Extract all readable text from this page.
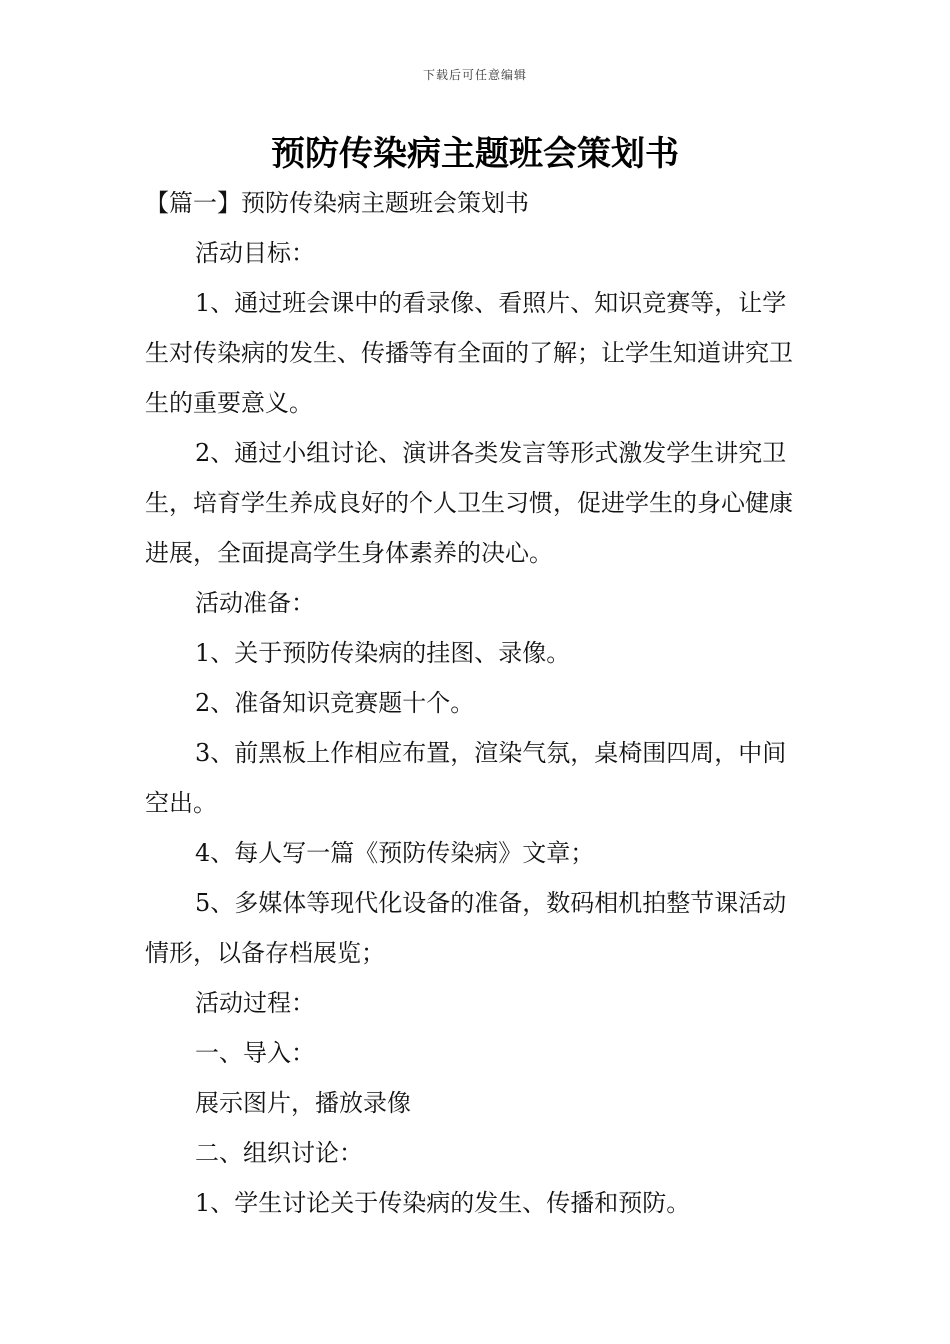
下载后可任意编辑
预防传染病主题班会策划书

【篇一】预防传染病主题班会策划书

活动目标：

1、通过班会课中的看录像、看照片、知识竞赛等，让学生对传染病的发生、传播等有全面的了解；让学生知道讲究卫生的重要意义。

2、通过小组讨论、演讲各类发言等形式激发学生讲究卫生，培育学生养成良好的个人卫生习惯，促进学生的身心健康进展，全面提高学生身体素养的决心。

活动准备：

1、关于预防传染病的挂图、录像。

2、准备知识竞赛题十个。

3、前黑板上作相应布置，渲染气氛，桌椅围四周，中间空出。

4、每人写一篇《预防传染病》文章；

5、多媒体等现代化设备的准备，数码相机拍整节课活动情形，以备存档展览；

活动过程：

一、导入：

展示图片，播放录像

二、组织讨论：

1、学生讨论关于传染病的发生、传播和预防。
